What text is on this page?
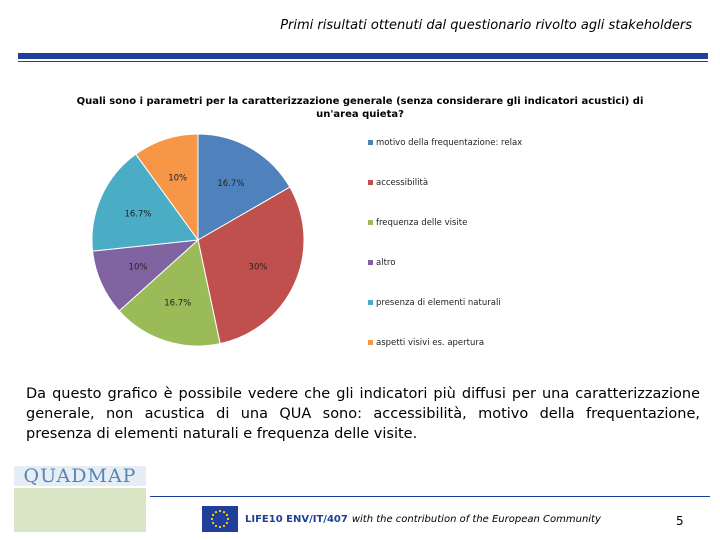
Primi risultati ottenuti dal questionario rivolto agli stakeholders
Quali sono i parametri per la caratterizzazione generale (senza considerare gli indicatori acustici) di un'area quieta?
16.7%
30%
16.7%
10%
16.7%
10%
motivo della frequentazione: relax
accessibilità
frequenza delle visite
altro
presenza di elementi naturali
aspetti visivi es. apertura
Da questo grafico è possibile vedere che gli indicatori più diffusi per una caratterizzazione generale, non acustica di una QUA sono: accessibilità, motivo della frequentazione, presenza di elementi naturali e frequenza delle visite.
QUADMAP
LIFE10 ENV/IT/407 with the contribution of the European Community	5
